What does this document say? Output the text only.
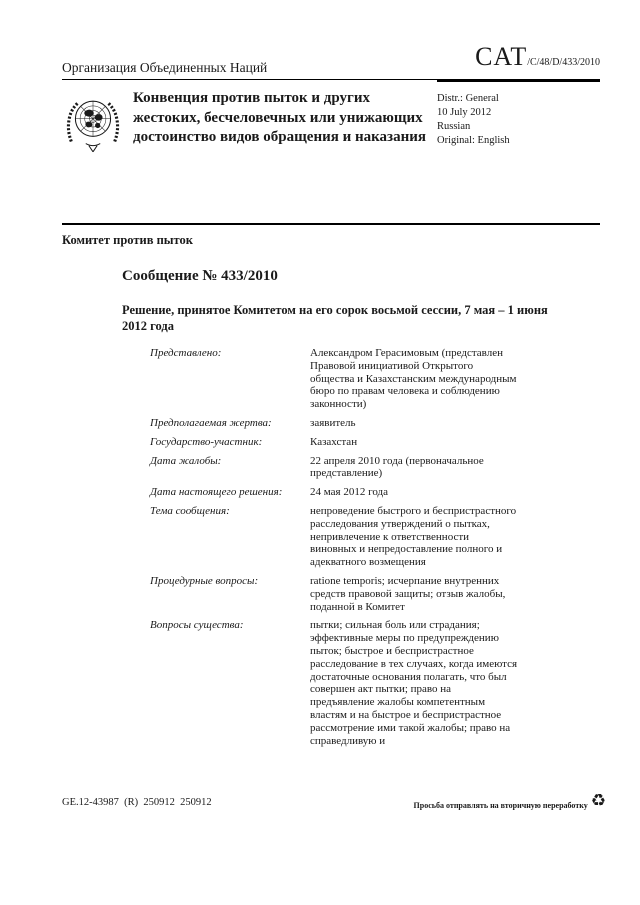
Организация Объединенных Наций	CAT/C/48/D/433/2010
Конвенция против пыток и других жестоких, бесчеловечных или унижающих достоинство видов обращения и наказания
Distr.: General
10 July 2012
Russian
Original: English
Комитет против пыток
Сообщение № 433/2010
Решение, принятое Комитетом на его сорок восьмой сессии, 7 мая – 1 июня 2012 года
Представлено:	Александром Герасимовым (представлен Правовой инициативой Открытого общества и Казахстанским международным бюро по правам человека и соблюдению законности)
Предполагаемая жертва:	заявитель
Государство-участник:	Казахстан
Дата жалобы:	22 апреля 2010 года (первоначальное представление)
Дата настоящего решения:	24 мая 2012 года
Тема сообщения:	непроведение быстрого и беспристрастного расследования утверждений о пытках, непривлечение к ответственности виновных и непредоставление полного и адекватного возмещения
Процедурные вопросы:	ratione temporis; исчерпание внутренних средств правовой защиты; отзыв жалобы, поданной в Комитет
Вопросы существа:	пытки; сильная боль или страдания; эффективные меры по предупреждению пыток; быстрое и беспристрастное расследование в тех случаях, когда имеются достаточные основания полагать, что был совершен акт пытки; право на предъявление жалобы компетентным властям и на быстрое и беспристрастное рассмотрение ими такой жалобы; право на справедливую и
GE.12-43987  (R)  250912  250912	Просьба отправлять на вторичную переработку ♻
